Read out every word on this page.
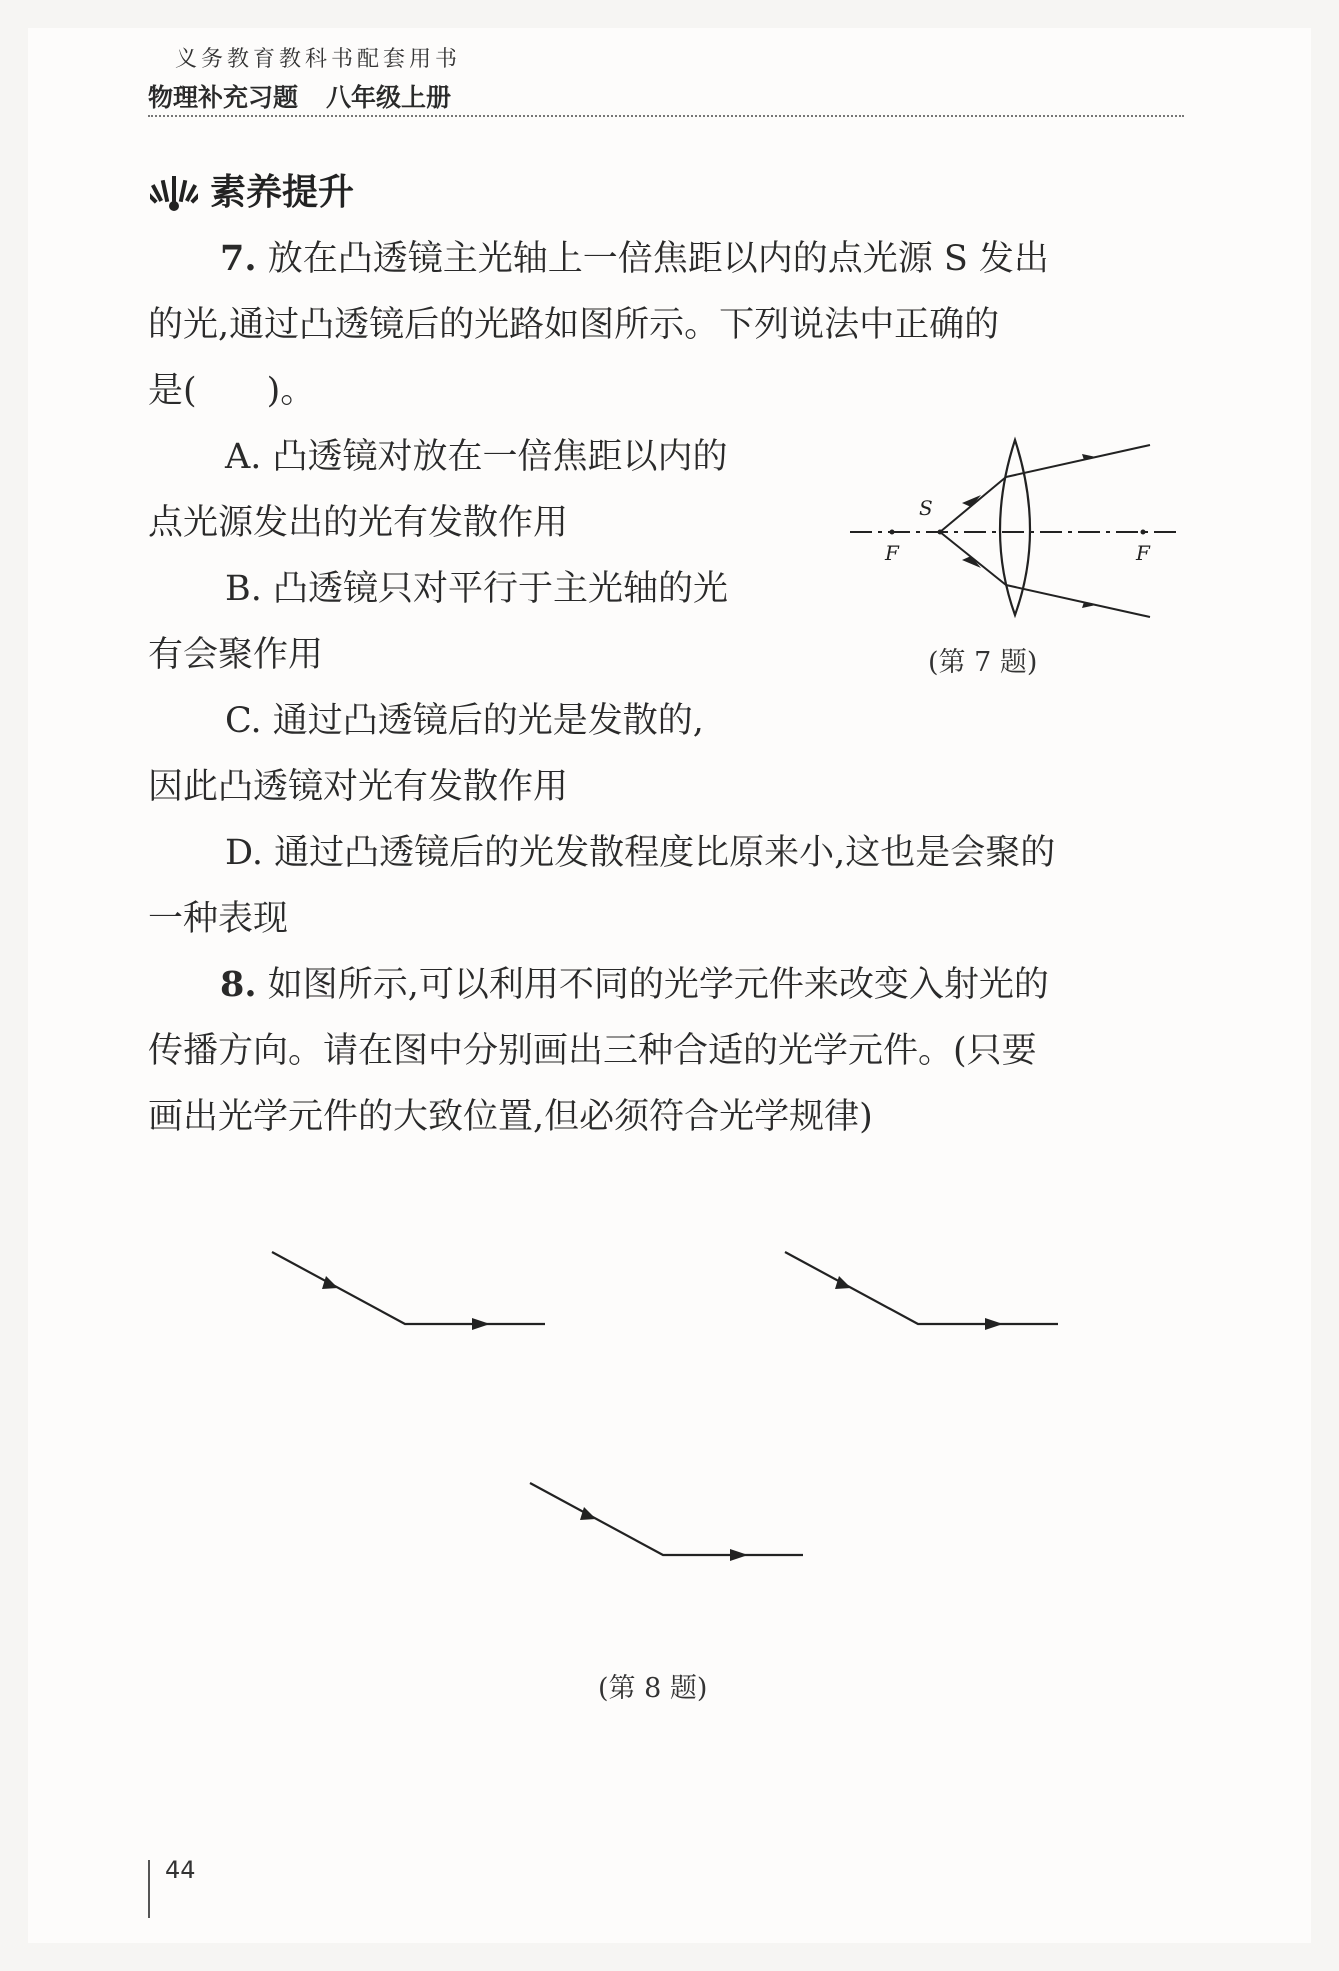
义务教育教科书配套用书
物理补充习题 八年级上册
素养提升
7. 放在凸透镜主光轴上一倍焦距以内的点光源 S 发出
的光,通过凸透镜后的光路如图所示。下列说法中正确的
是(　　)。
A. 凸透镜对放在一倍焦距以内的
点光源发出的光有发散作用
B. 凸透镜只对平行于主光轴的光
有会聚作用
C. 通过凸透镜后的光是发散的,
因此凸透镜对光有发散作用
D. 通过凸透镜后的光发散程度比原来小,这也是会聚的
一种表现
S
F	F
(第 7 题)
8. 如图所示,可以利用不同的光学元件来改变入射光的
传播方向。请在图中分别画出三种合适的光学元件。(只要
画出光学元件的大致位置,但必须符合光学规律)
(第 8 题)
44
